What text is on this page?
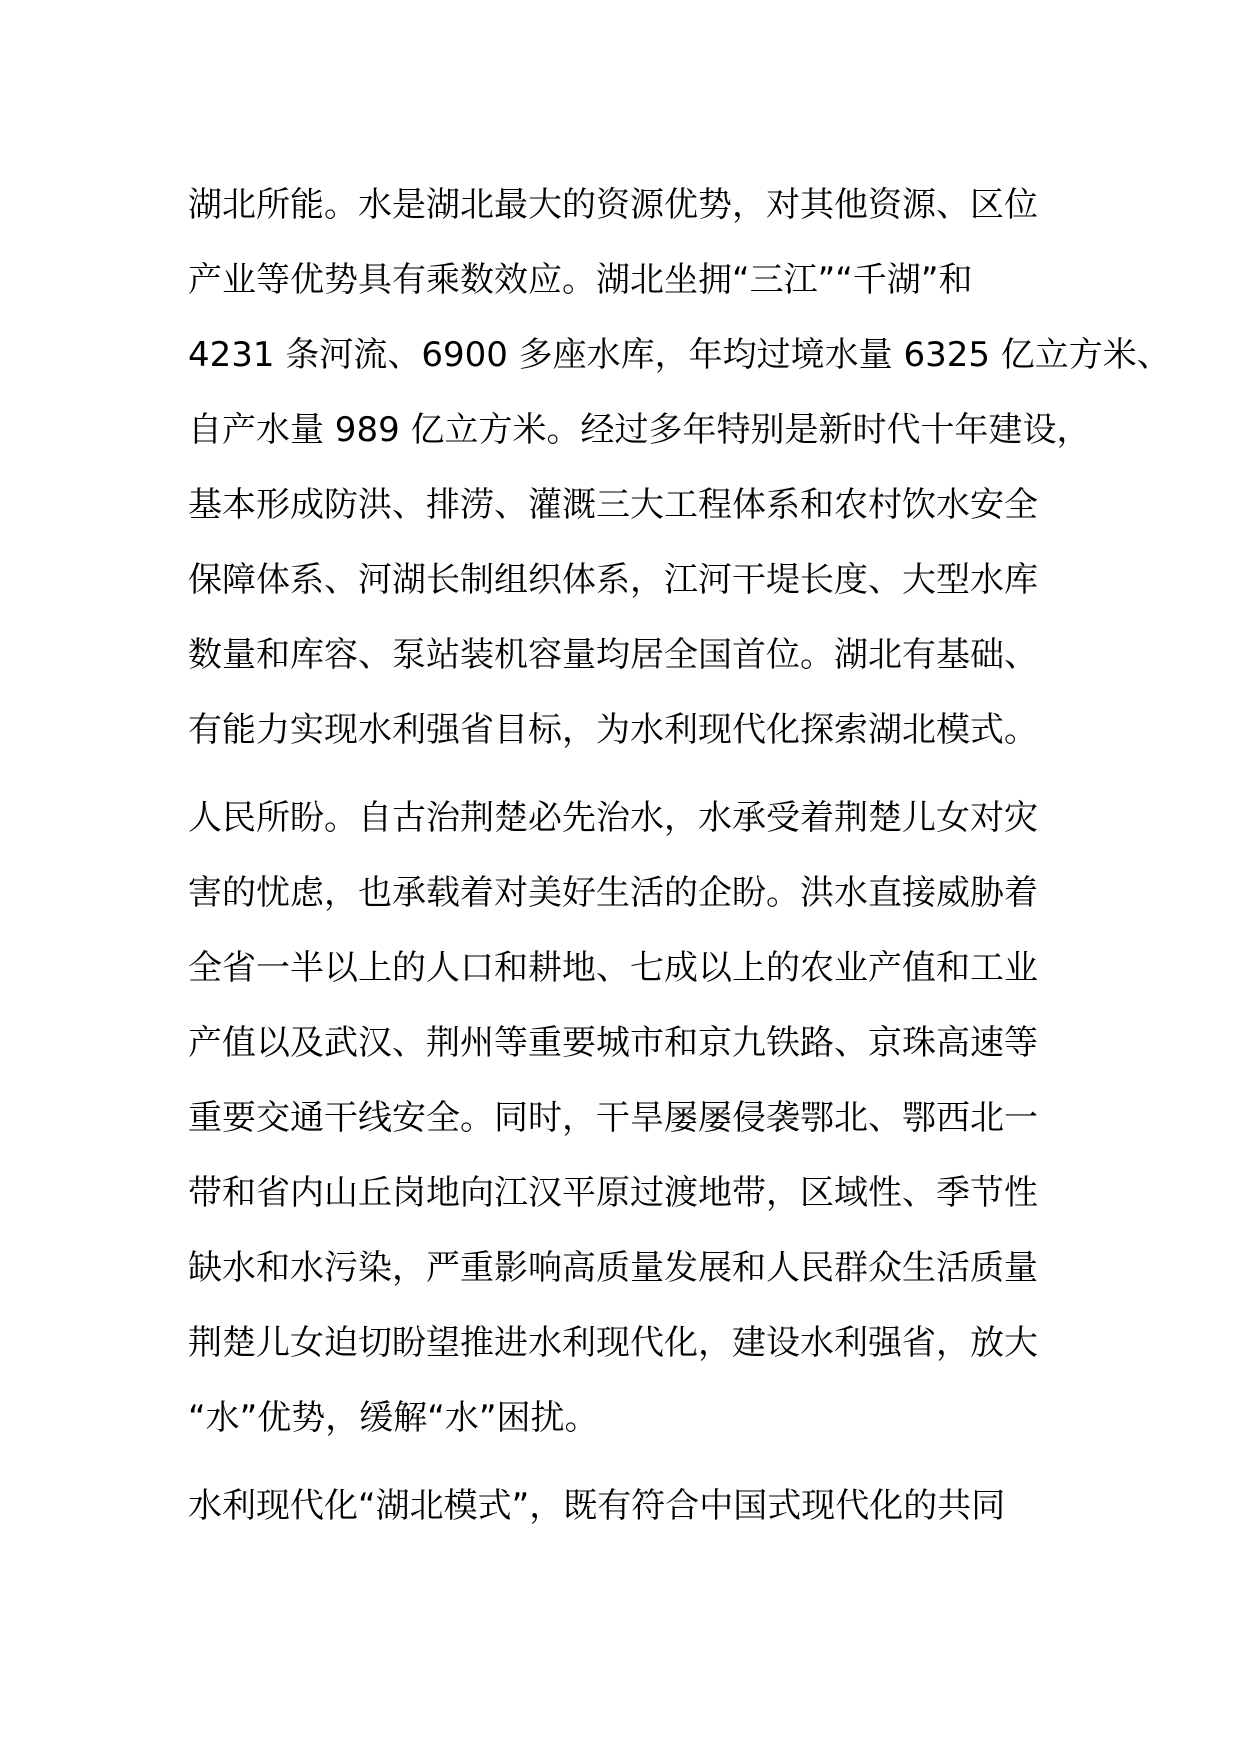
湖北所能。水是湖北最大的资源优势，对其他资源、区位
产业等优势具有乘数效应。湖北坐拥“三江”“千湖”和
4231 条河流、6900 多座水库，年均过境水量 6325 亿立方米、
自产水量 989 亿立方米。经过多年特别是新时代十年建设，
基本形成防洪、排涝、灌溉三大工程体系和农村饮水安全
保障体系、河湖长制组织体系，江河干堤长度、大型水库
数量和库容、泵站装机容量均居全国首位。湖北有基础、
有能力实现水利强省目标，为水利现代化探索湖北模式。
人民所盼。自古治荆楚必先治水，水承受着荆楚儿女对灾
害的忧虑，也承载着对美好生活的企盼。洪水直接威胁着
全省一半以上的人口和耕地、七成以上的农业产值和工业
产值以及武汉、荆州等重要城市和京九铁路、京珠高速等
重要交通干线安全。同时，干旱屡屡侵袭鄂北、鄂西北一
带和省内山丘岗地向江汉平原过渡地带，区域性、季节性
缺水和水污染，严重影响高质量发展和人民群众生活质量
荆楚儿女迫切盼望推进水利现代化，建设水利强省，放大
“水”优势，缓解“水”困扰。
水利现代化“湖北模式”，既有符合中国式现代化的共同
